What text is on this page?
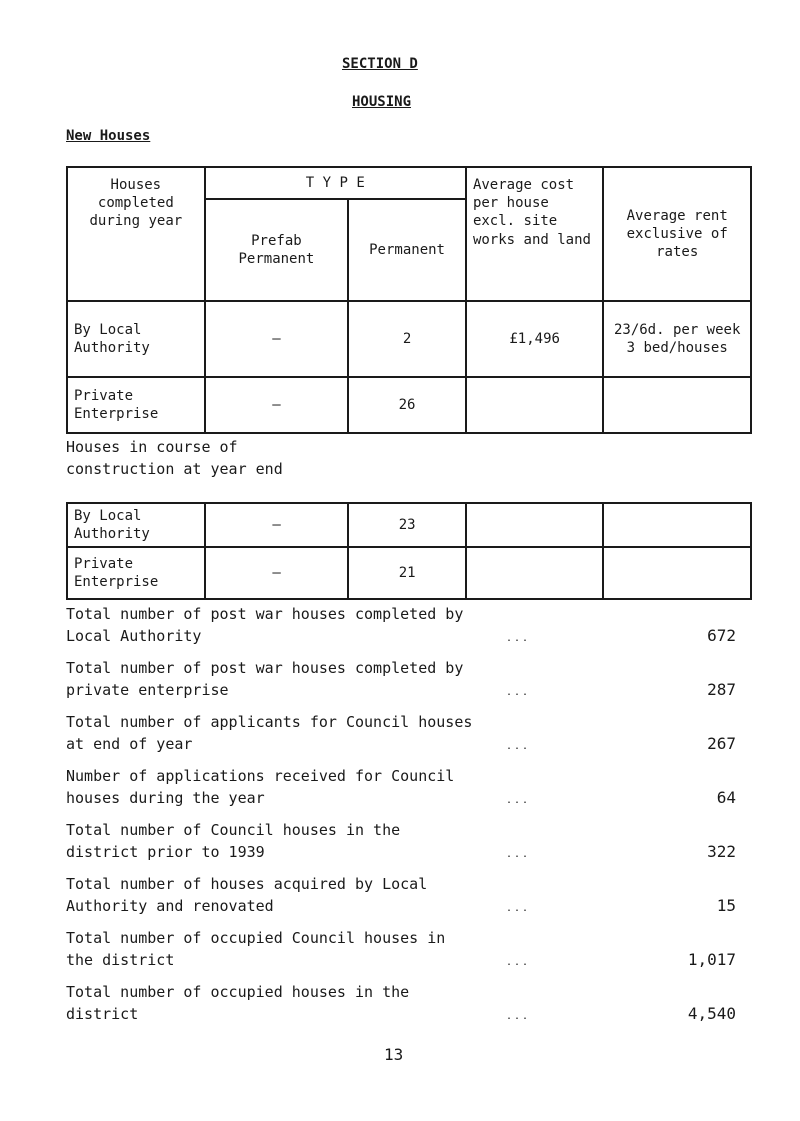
SECTION D
HOUSING
New Houses
Houses completed during year	T Y P E		Average cost per house excl. site works and land	Average rent exclusive of rates
	Prefab Permanent	Permanent		
By Local Authority	–	2	£1,496	23/6d. per week 3 bed/houses
Private Enterprise	–	26		
Houses in course of construction at year end
By Local Authority	–	23		
Private Enterprise	–	21		
Total number of post war houses completed by Local Authority	...	672
Total number of post war houses completed by private enterprise	...	287
Total number of applicants for Council houses at end of year	...	267
Number of applications received for Council houses during the year	...	64
Total number of Council houses in the district prior to 1939	...	322
Total number of houses acquired by Local Authority and renovated	...	15
Total number of occupied Council houses in the district	...	1,017
Total number of occupied houses in the district	...	4,540
13
